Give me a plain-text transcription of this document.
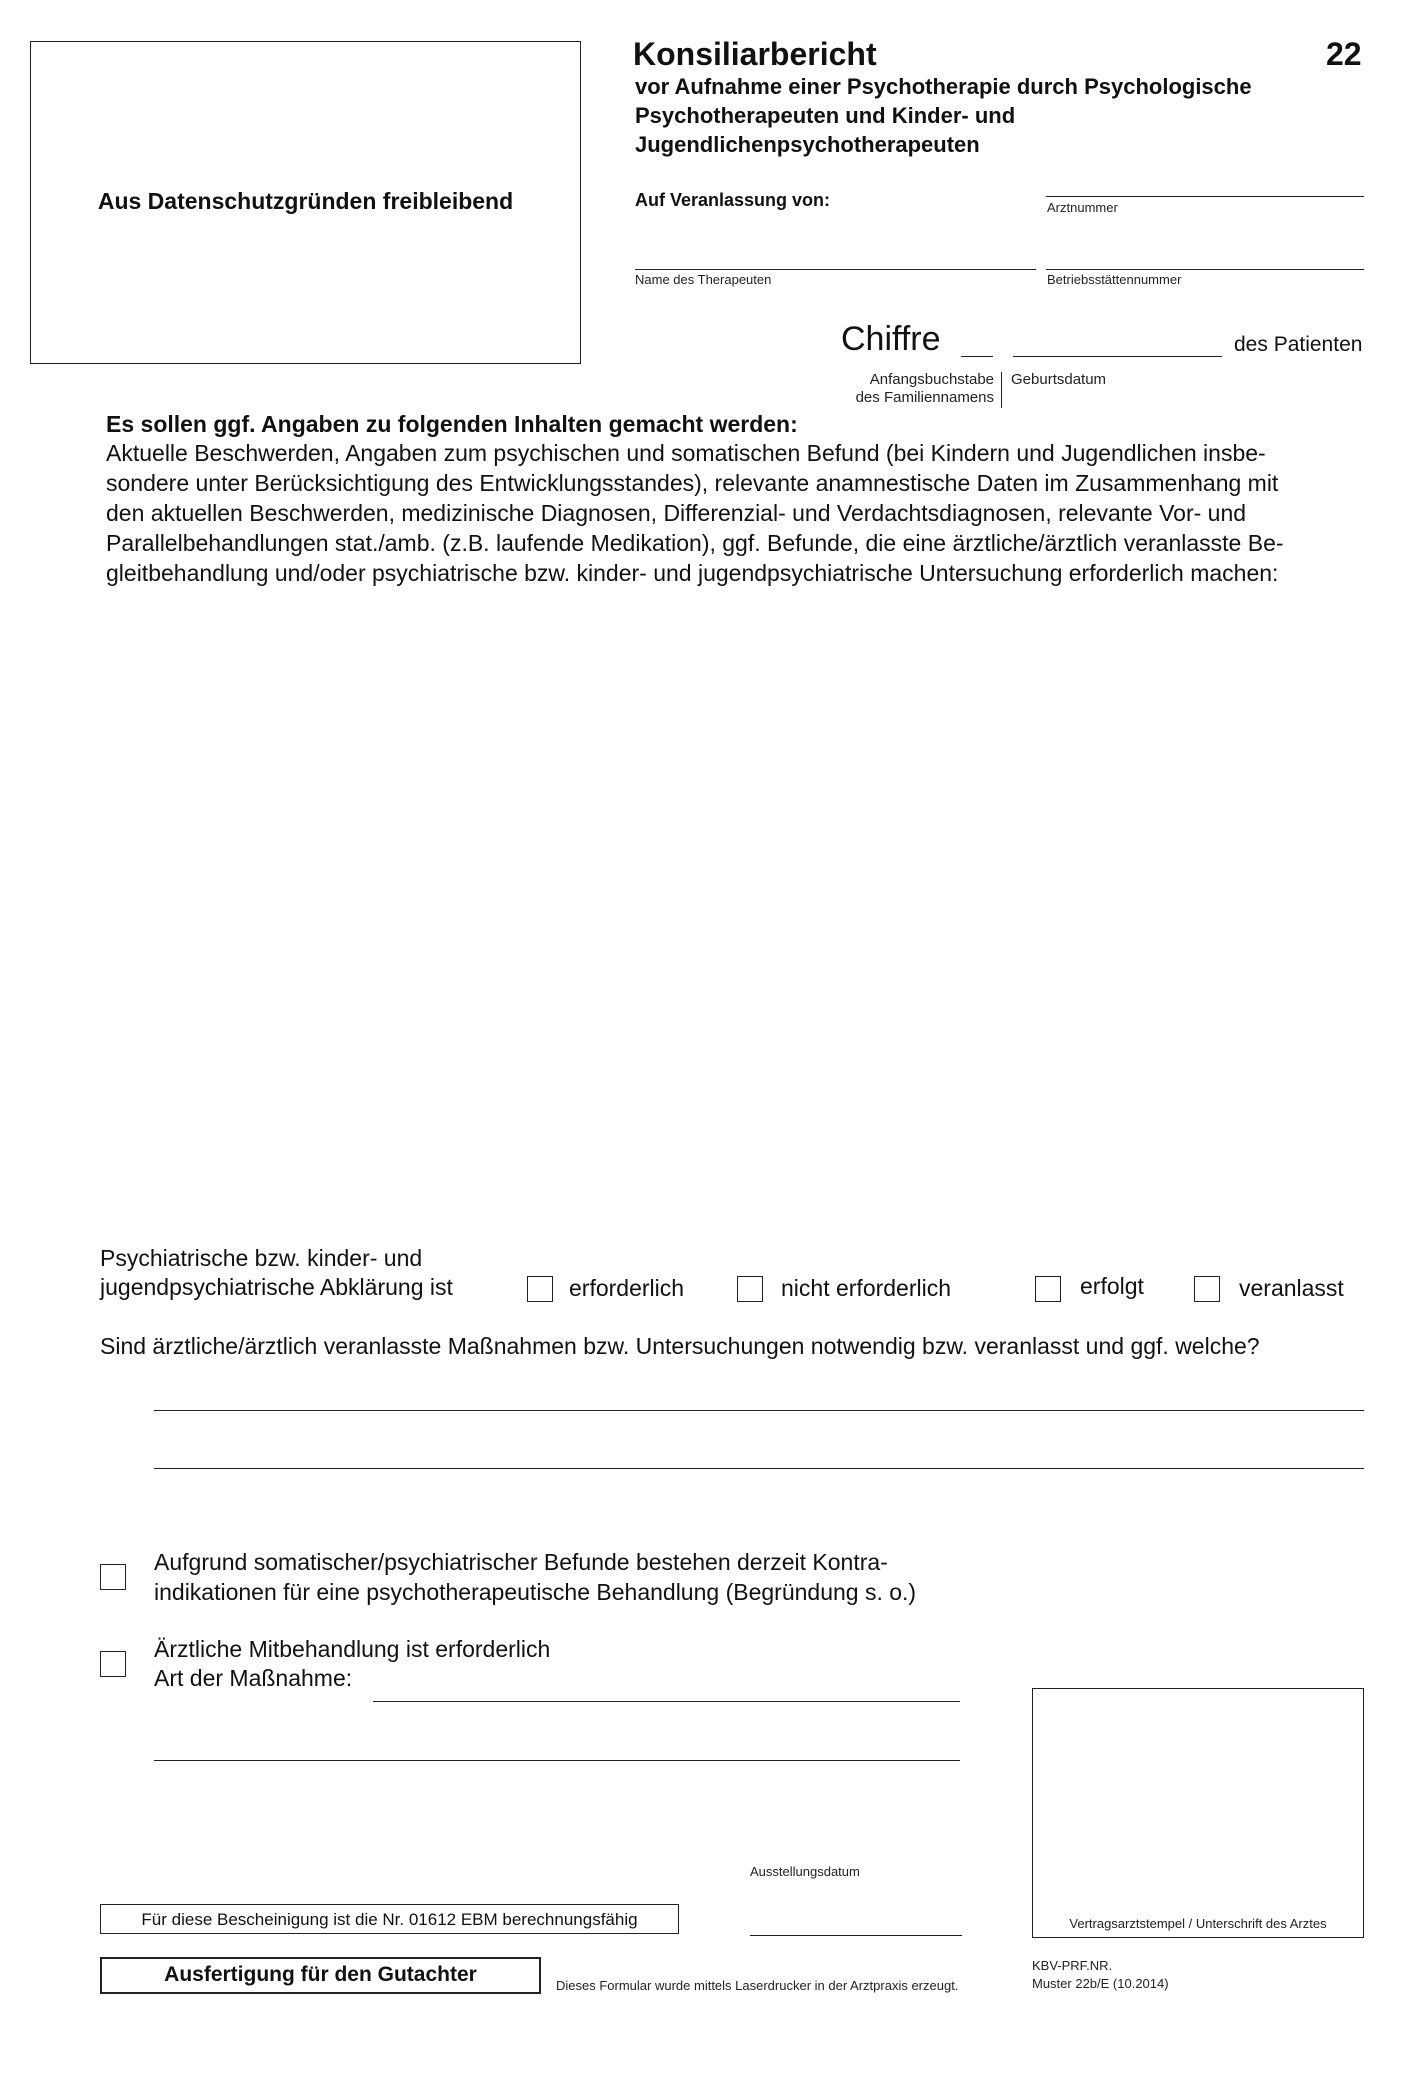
Aus Datenschutzgründen freibleibend
Konsiliarbericht	22
vor Aufnahme einer Psychotherapie durch Psychologische
Psychotherapeuten und Kinder- und
Jugendlichenpsychotherapeuten
Auf Veranlassung von:	Arztnummer
Name des Therapeuten	Betriebsstättennummer
Chiffre	des Patienten
Anfangsbuchstabe
des Familiennamens
Geburtsdatum
Es sollen ggf. Angaben zu folgenden Inhalten gemacht werden:
Aktuelle Beschwerden, Angaben zum psychischen und somatischen Befund (bei Kindern und Jugendlichen insbe-
sondere unter Berücksichtigung des Entwicklungsstandes), relevante anamnestische Daten im Zusammenhang mit
den aktuellen Beschwerden, medizinische Diagnosen, Differenzial- und Verdachtsdiagnosen, relevante Vor- und
Parallelbehandlungen stat./amb. (z.B. laufende Medikation), ggf. Befunde, die eine ärztliche/ärztlich veranlasste Be-
gleitbehandlung und/oder psychiatrische bzw. kinder- und jugendpsychiatrische Untersuchung erforderlich machen:
Psychiatrische bzw. kinder- und
jugendpsychiatrische Abklärung ist	erforderlich	nicht erforderlich	erfolgt	veranlasst
Sind ärztliche/ärztlich veranlasste Maßnahmen bzw. Untersuchungen notwendig bzw. veranlasst und ggf. welche?
Aufgrund somatischer/psychiatrischer Befunde bestehen derzeit Kontra-
indikationen für eine psychotherapeutische Behandlung (Begründung s. o.)
Ärztliche Mitbehandlung ist erforderlich
Art der Maßnahme:
Vertragsarztstempel / Unterschrift des Arztes
Ausstellungsdatum
Für diese Bescheinigung ist die Nr. 01612 EBM berechnungsfähig
Ausfertigung für den Gutachter	Dieses Formular wurde mittels Laserdrucker in der Arztpraxis erzeugt.
KBV-PRF.NR.
Muster 22b/E (10.2014)
